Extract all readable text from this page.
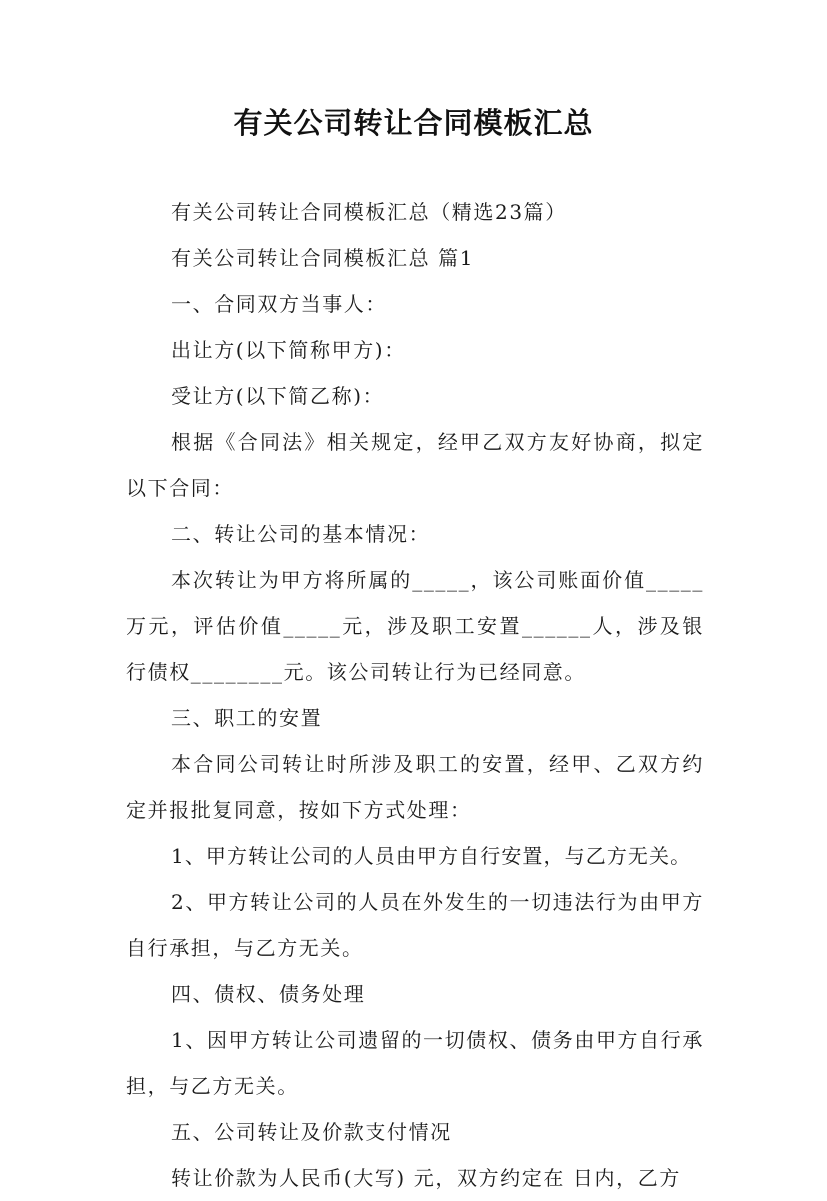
有关公司转让合同模板汇总

有关公司转让合同模板汇总（精选23篇）

有关公司转让合同模板汇总 篇1

一、合同双方当事人：

出让方(以下简称甲方)：

受让方(以下简乙称)：

根据《合同法》相关规定，经甲乙双方友好协商，拟定以下合同：

二、转让公司的基本情况：

本次转让为甲方将所属的_____，该公司账面价值_____万元，评估价值_____元，涉及职工安置______人，涉及银行债权________元。该公司转让行为已经同意。

三、职工的安置

本合同公司转让时所涉及职工的安置，经甲、乙双方约定并报批复同意，按如下方式处理：

1、甲方转让公司的人员由甲方自行安置，与乙方无关。

2、甲方转让公司的人员在外发生的一切违法行为由甲方自行承担，与乙方无关。

四、债权、债务处理

1、因甲方转让公司遗留的一切债权、债务由甲方自行承担，与乙方无关。

五、公司转让及价款支付情况

转让价款为人民币(大写) 元，双方约定在 日内，乙方
